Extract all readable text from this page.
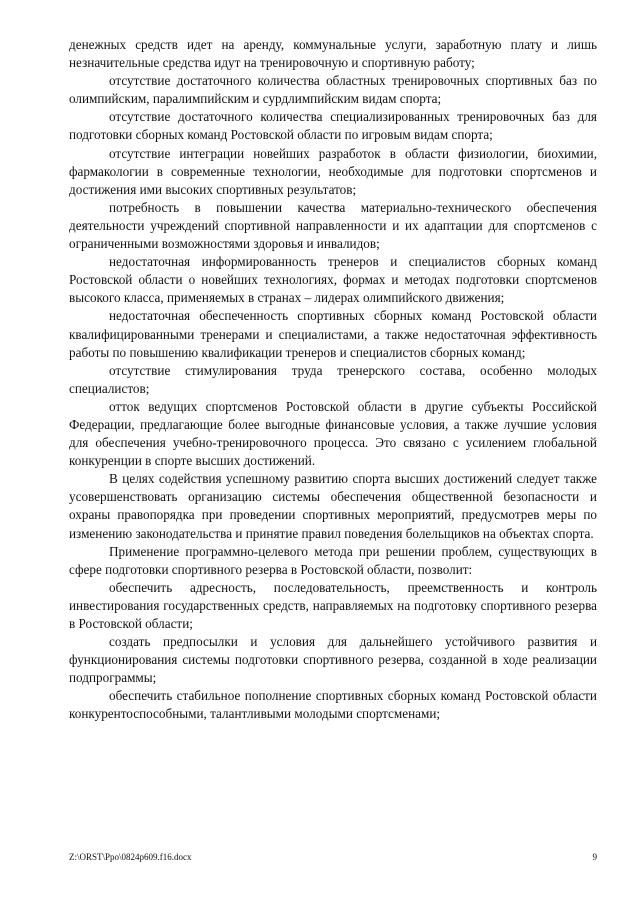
денежных средств идет на аренду, коммунальные услуги, заработную плату и лишь незначительные средства идут на тренировочную и спортивную работу;

отсутствие достаточного количества областных тренировочных спортивных баз по олимпийским, паралимпийским и сурдлимпийским видам спорта;

отсутствие достаточного количества специализированных тренировочных баз для подготовки сборных команд Ростовской области по игровым видам спорта;

отсутствие интеграции новейших разработок в области физиологии, биохимии, фармакологии в современные технологии, необходимые для подготовки спортсменов и достижения ими высоких спортивных результатов;

потребность в повышении качества материально-технического обеспечения деятельности учреждений спортивной направленности и их адаптации для спортсменов с ограниченными возможностями здоровья и инвалидов;

недостаточная информированность тренеров и специалистов сборных команд Ростовской области о новейших технологиях, формах и методах подготовки спортсменов высокого класса, применяемых в странах – лидерах олимпийского движения;

недостаточная обеспеченность спортивных сборных команд Ростовской области квалифицированными тренерами и специалистами, а также недостаточная эффективность работы по повышению квалификации тренеров и специалистов сборных команд;

отсутствие стимулирования труда тренерского состава, особенно молодых специалистов;

отток ведущих спортсменов Ростовской области в другие субъекты Российской Федерации, предлагающие более выгодные финансовые условия, а также лучшие условия для обеспечения учебно-тренировочного процесса. Это связано с усилением глобальной конкуренции в спорте высших достижений.

В целях содействия успешному развитию спорта высших достижений следует также усовершенствовать организацию системы обеспечения общественной безопасности и охраны правопорядка при проведении спортивных мероприятий, предусмотрев меры по изменению законодательства и принятие правил поведения болельщиков на объектах спорта.

Применение программно-целевого метода при решении проблем, существующих в сфере подготовки спортивного резерва в Ростовской области, позволит:

обеспечить адресность, последовательность, преемственность и контроль инвестирования государственных средств, направляемых на подготовку спортивного резерва в Ростовской области;

создать предпосылки и условия для дальнейшего устойчивого развития и функционирования системы подготовки спортивного резерва, созданной в ходе реализации подпрограммы;

обеспечить стабильное пополнение спортивных сборных команд Ростовской области конкурентоспособными, талантливыми молодыми спортсменами;

Z:\ORST\Ppo\0824p609.f16.docx	9
